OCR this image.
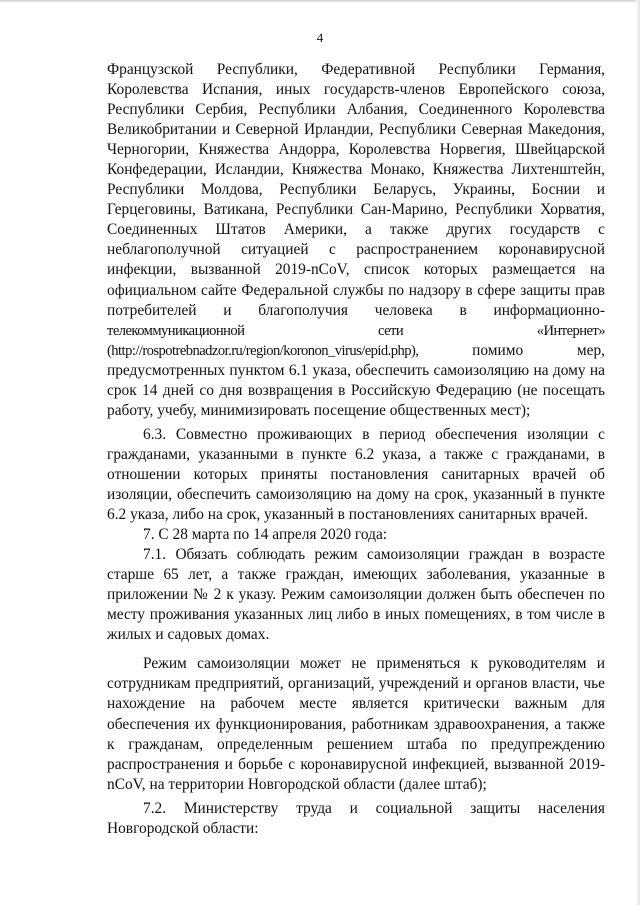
4

Французской Республики, Федеративной Республики Германия, Королевства Испания, иных государств-членов Европейского союза, Республики Сербия, Республики Албания, Соединенного Королевства Великобритании и Северной Ирландии, Республики Северная Македония, Черногории, Княжества Андорра, Королевства Норвегия, Швейцарской Конфедерации, Исландии, Княжества Монако, Княжества Лихтенштейн, Республики Молдова, Республики Беларусь, Украины, Боснии и Герцеговины, Ватикана, Республики Сан-Марино, Республики Хорватия, Соединенных Штатов Америки, а также других государств с неблагополучной ситуацией с распространением коронавирусной инфекции, вызванной 2019-nCoV, список которых размещается на официальном сайте Федеральной службы по надзору в сфере защиты прав потребителей и благополучия человека в информационно- телекоммуникационной сети «Интернет» (http://rospotrebnadzor.ru/region/koronon_virus/epid.php),	помимо мер, предусмотренных пунктом 6.1 указа, обеспечить самоизоляцию на дому на срок 14 дней со дня возвращения в Российскую Федерацию (не посещать работу, учебу, минимизировать посещение общественных мест);

6.3. Совместно проживающих в период обеспечения изоляции с гражданами, указанными в пункте 6.2 указа, а также с гражданами, в отношении которых приняты постановления санитарных врачей об изоляции, обеспечить самоизоляцию на дому на срок, указанный в пункте 6.2 указа, либо на срок, указанный в постановлениях санитарных врачей.

7. С 28 марта по 14 апреля 2020 года:

7.1. Обязать соблюдать режим самоизоляции граждан в возрасте старше 65 лет, а также граждан, имеющих заболевания, указанные в приложении № 2 к указу. Режим самоизоляции должен быть обеспечен по месту проживания указанных лиц либо в иных помещениях, в том числе в жилых и садовых домах.

Режим самоизоляции может не применяться к руководителям и сотрудникам предприятий, организаций, учреждений и органов власти, чье нахождение на рабочем месте является критически важным для обеспечения их функционирования, работникам здравоохранения, а также к гражданам, определенным решением штаба по предупреждению распространения и борьбе с коронавирусной инфекцией, вызванной 2019-nCoV, на территории Новгородской области (далее штаб);

7.2. Министерству труда и социальной защиты населения Новгородской области:
